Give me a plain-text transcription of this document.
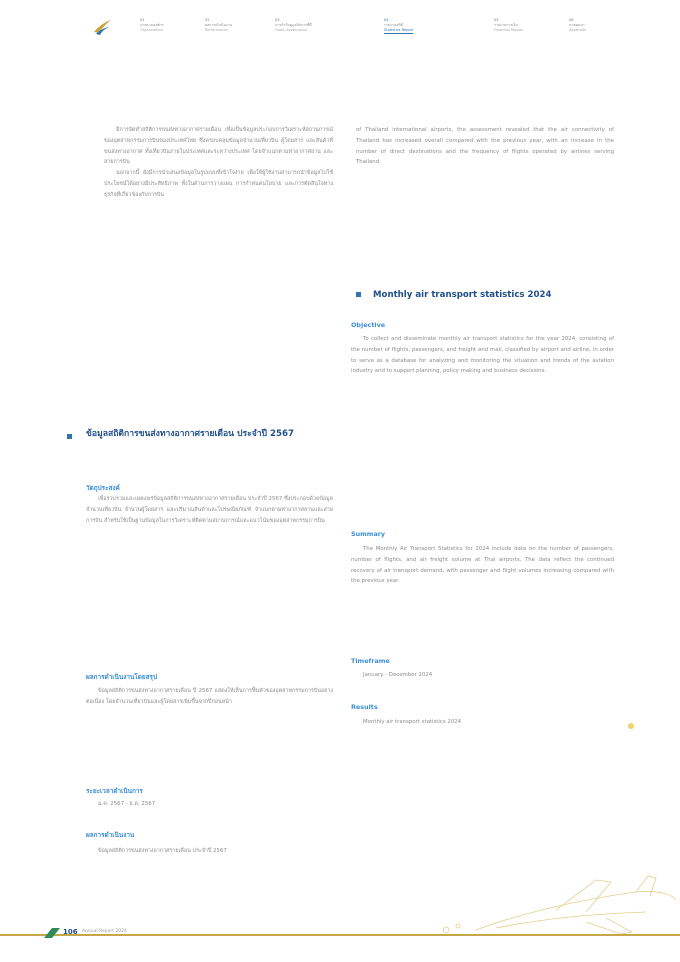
01
ภาพรวมองค์กร
Organization
02
ผลการดำเนินงาน
Performance
03
การกำกับดูแลกิจการที่ดี
Good Governance
04
รายงานสถิติ
Statistics Report
05
รายงานการเงิน
Financial Report
06
ภาคผนวก
Appendix

มีการจัดทำสถิติการขนส่งทางอากาศรายเดือน เพื่อเป็นข้อมูลประกอบการวิเคราะห์สถานการณ์ของอุตสาหกรรมการบินของประเทศไทย ซึ่งครอบคลุมข้อมูลจำนวนเที่ยวบิน ผู้โดยสาร และสินค้าที่ขนส่งทางอากาศ ทั้งเที่ยวบินภายในประเทศและระหว่างประเทศ โดยจำแนกตามท่าอากาศยาน และสายการบิน

นอกจากนี้ ยังมีการนำเสนอข้อมูลในรูปแบบที่เข้าใจง่าย เพื่อให้ผู้ใช้งานสามารถนำข้อมูลไปใช้ประโยชน์ได้อย่างมีประสิทธิภาพ ทั้งในด้านการวางแผน การกำหนดนโยบาย และการตัดสินใจทางธุรกิจที่เกี่ยวข้องกับการบิน

ข้อมูลสถิติการขนส่งทางอากาศรายเดือน ประจำปี 2567
วัตถุประสงค์
เพื่อรวบรวมและเผยแพร่ข้อมูลสถิติการขนส่งทางอากาศรายเดือน ประจำปี 2567 ซึ่งประกอบด้วยข้อมูลจำนวนเที่ยวบิน จำนวนผู้โดยสาร และปริมาณสินค้าและไปรษณียภัณฑ์ จำแนกตามท่าอากาศยานและสายการบิน สำหรับใช้เป็นฐานข้อมูลในการวิเคราะห์ติดตามสถานการณ์และแนวโน้มของอุตสาหกรรมการบิน
ผลการดำเนินงานโดยสรุป
ข้อมูลสถิติการขนส่งทางอากาศรายเดือน ปี 2567 แสดงให้เห็นการฟื้นตัวของอุตสาหกรรมการบินอย่างต่อเนื่อง โดยจำนวนเที่ยวบินและผู้โดยสารเพิ่มขึ้นจากปีก่อนหน้า
ระยะเวลาดำเนินการ
ม.ค. 2567 - ธ.ค. 2567
ผลการดำเนินงาน
ข้อมูลสถิติการขนส่งทางอากาศรายเดือน ประจำปี 2567

of Thailand international airports, the assessment revealed that the air connectivity of Thailand has increased overall compared with the previous year, with an increase in the number of direct destinations and the frequency of flights operated by airlines serving Thailand.

Monthly air transport statistics 2024
Objective
To collect and disseminate monthly air transport statistics for the year 2024, consisting of the number of flights, passengers, and freight and mail, classified by airport and airline, in order to serve as a database for analyzing and monitoring the situation and trends of the aviation industry and to support planning, policy making and business decisions.
Summary
The Monthly Air Transport Statistics for 2024 include data on the number of passengers, number of flights, and air freight volume at Thai airports. The data reflect the continued recovery of air transport demand, with passenger and flight volumes increasing compared with the previous year.
Timeframe
January - December 2024
Results
Monthly air transport statistics 2024
106 Annual Report 2024
